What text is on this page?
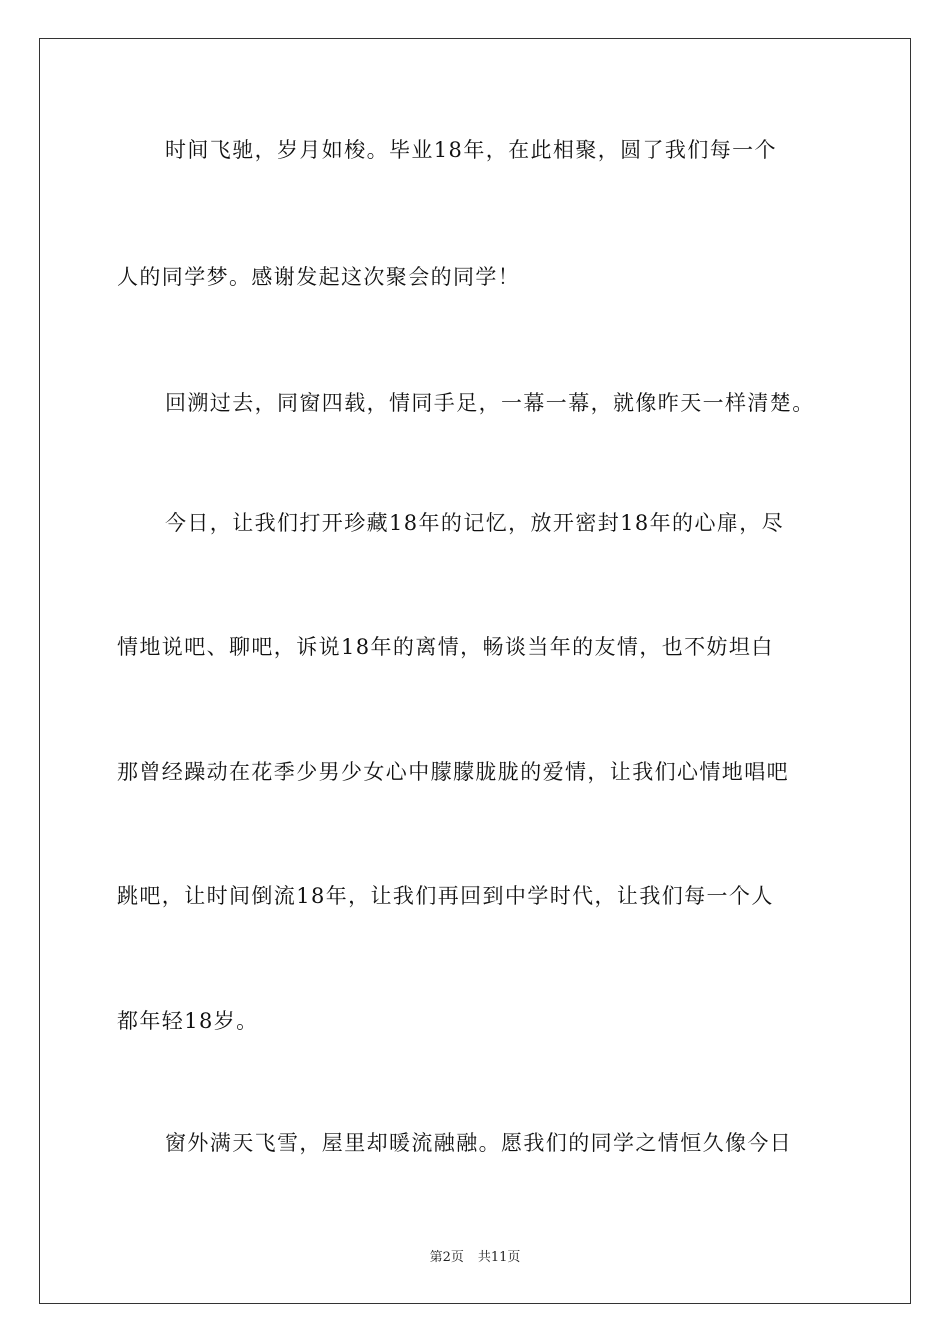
时间飞驰，岁月如梭。毕业18年，在此相聚，圆了我们每一个
人的同学梦。感谢发起这次聚会的同学！
回溯过去，同窗四载，情同手足，一幕一幕，就像昨天一样清楚。
今日，让我们打开珍藏18年的记忆，放开密封18年的心扉，尽
情地说吧、聊吧，诉说18年的离情，畅谈当年的友情，也不妨坦白
那曾经躁动在花季少男少女心中朦朦胧胧的爱情，让我们心情地唱吧
跳吧，让时间倒流18年，让我们再回到中学时代，让我们每一个人
都年轻18岁。
窗外满天飞雪，屋里却暖流融融。愿我们的同学之情恒久像今日
第2页 共11页
